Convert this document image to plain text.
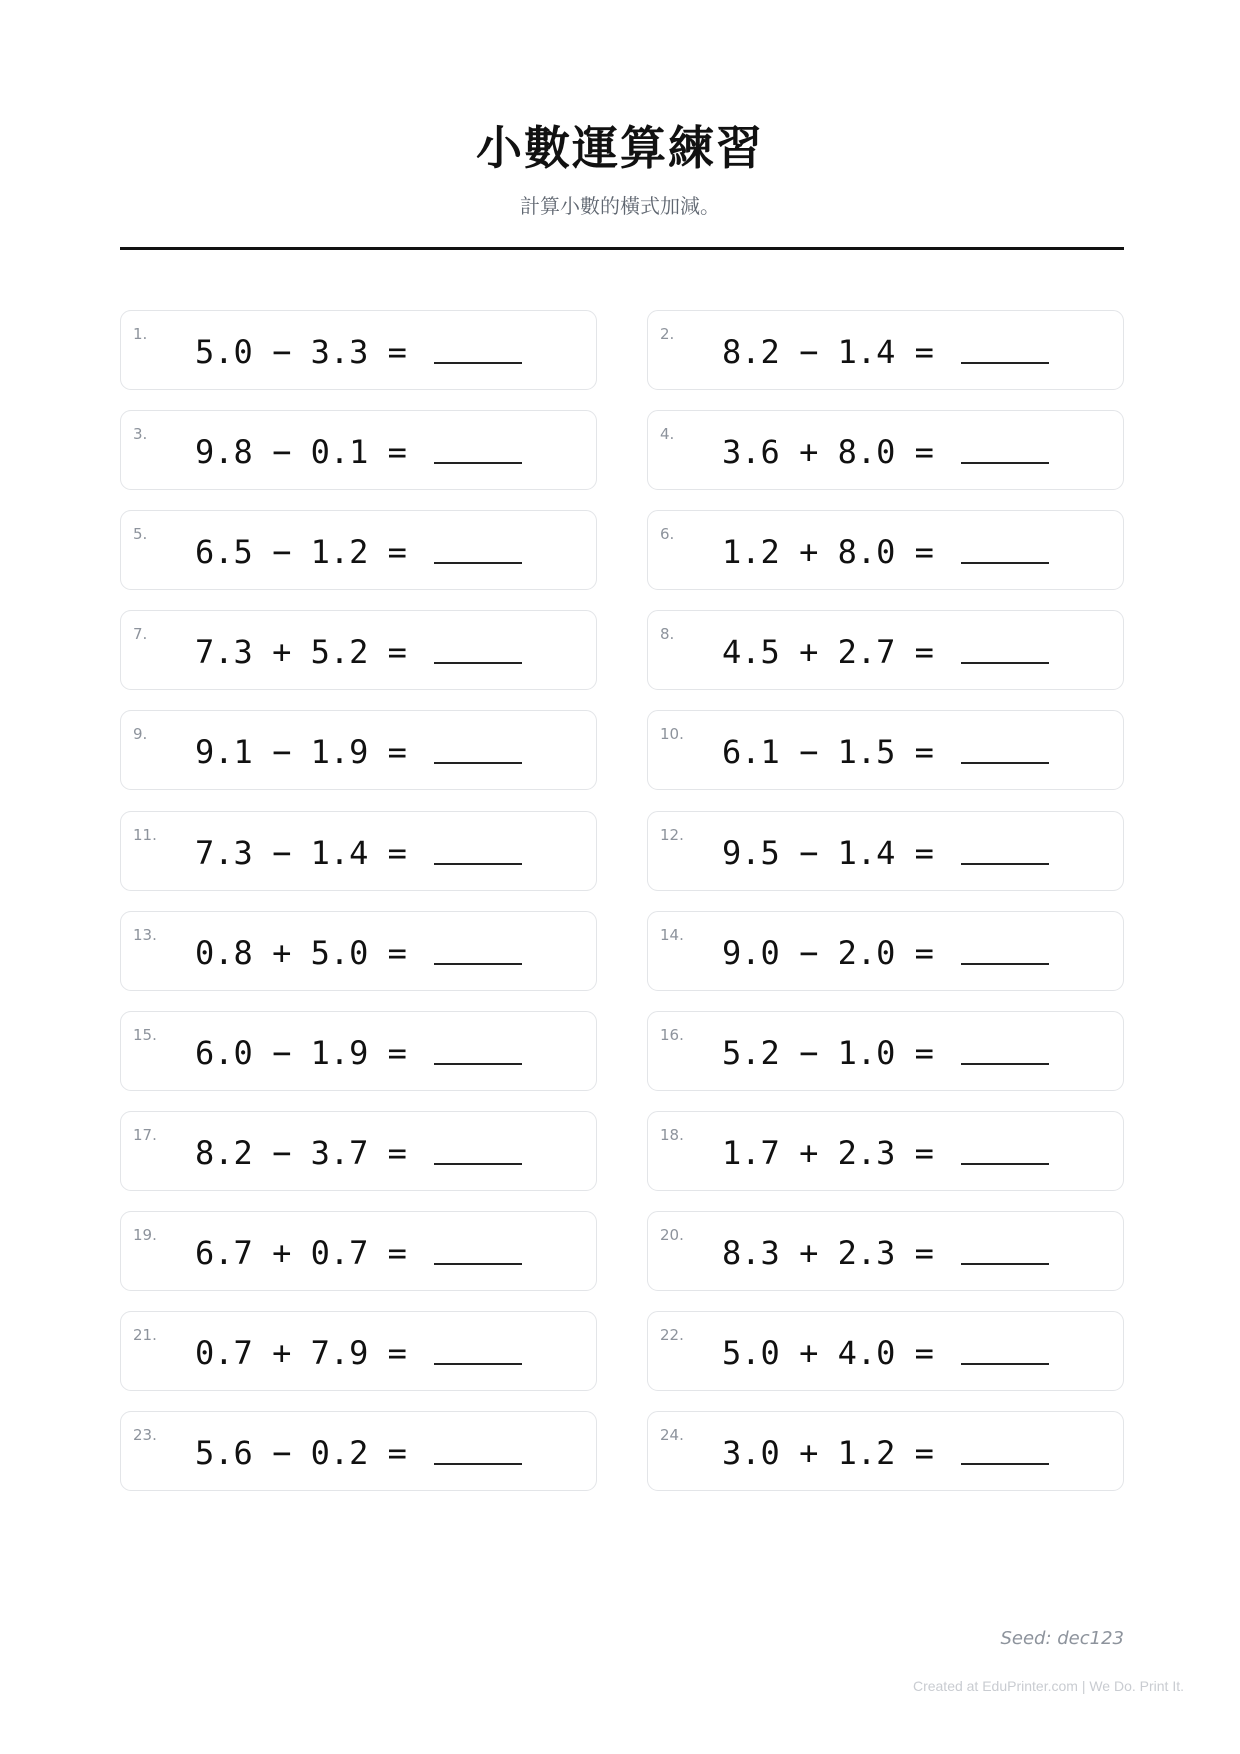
小數運算練習
計算小數的橫式加減。
1. 5.0 − 3.3 =	2. 8.2 − 1.4 =
3. 9.8 − 0.1 =	4. 3.6 + 8.0 =
5. 6.5 − 1.2 =	6. 1.2 + 8.0 =
7. 7.3 + 5.2 =	8. 4.5 + 2.7 =
9. 9.1 − 1.9 =	10. 6.1 − 1.5 =
11. 7.3 − 1.4 =	12. 9.5 − 1.4 =
13. 0.8 + 5.0 =	14. 9.0 − 2.0 =
15. 6.0 − 1.9 =	16. 5.2 − 1.0 =
17. 8.2 − 3.7 =	18. 1.7 + 2.3 =
19. 6.7 + 0.7 =	20. 8.3 + 2.3 =
21. 0.7 + 7.9 =	22. 5.0 + 4.0 =
23. 5.6 − 0.2 =	24. 3.0 + 1.2 =
Seed: dec123
Created at EduPrinter.com | We Do. Print It.
